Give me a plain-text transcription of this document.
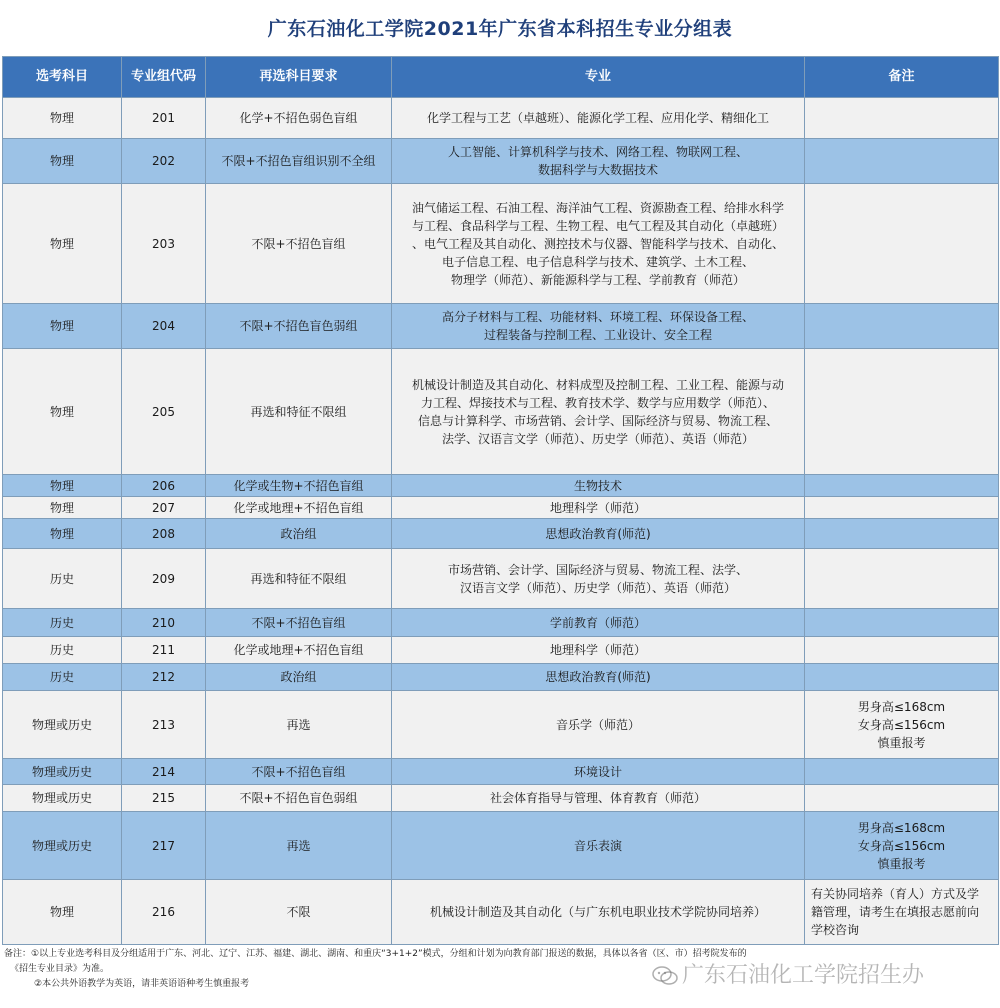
广东石油化工学院2021年广东省本科招生专业分组表
选考科目	专业组代码	再选科目要求	专业	备注
物理	201	化学+不招色弱色盲组	化学工程与工艺（卓越班）、能源化学工程、应用化学、精细化工	
物理	202	不限+不招色盲组识别不全组	人工智能、计算机科学与技术、网络工程、物联网工程、
数据科学与大数据技术	
物理	203	不限+不招色盲组	油气储运工程、石油工程、海洋油气工程、资源勘查工程、给排水科学
与工程、食品科学与工程、生物工程、电气工程及其自动化（卓越班）
、电气工程及其自动化、测控技术与仪器、智能科学与技术、自动化、
电子信息工程、电子信息科学与技术、建筑学、土木工程、
物理学（师范）、新能源科学与工程、学前教育（师范）	
物理	204	不限+不招色盲色弱组	高分子材料与工程、功能材料、环境工程、环保设备工程、
过程装备与控制工程、工业设计、安全工程	
物理	205	再选和特征不限组	机械设计制造及其自动化、材料成型及控制工程、工业工程、能源与动
力工程、焊接技术与工程、教育技术学、数学与应用数学（师范）、
信息与计算科学、市场营销、会计学、国际经济与贸易、物流工程、
法学、汉语言文学（师范）、历史学（师范）、英语（师范）	
物理	206	化学或生物+不招色盲组	生物技术	
物理	207	化学或地理+不招色盲组	地理科学（师范）	
物理	208	政治组	思想政治教育(师范)	
历史	209	再选和特征不限组	市场营销、会计学、国际经济与贸易、物流工程、法学、
汉语言文学（师范）、历史学（师范）、英语（师范）	
历史	210	不限+不招色盲组	学前教育（师范）	
历史	211	化学或地理+不招色盲组	地理科学（师范）	
历史	212	政治组	思想政治教育(师范)	
物理或历史	213	再选	音乐学（师范）	男身高≤168cm
女身高≤156cm
慎重报考
物理或历史	214	不限+不招色盲组	环境设计	
物理或历史	215	不限+不招色盲色弱组	社会体育指导与管理、体育教育（师范）	
物理或历史	217	再选	音乐表演	男身高≤168cm
女身高≤156cm
慎重报考
物理	216	不限	机械设计制造及其自动化（与广东机电职业技术学院协同培养）	有关协同培养（育人）方式及学
籍管理，请考生在填报志愿前向
学校咨询
备注：①以上专业选考科目及分组适用于广东、河北、辽宁、江苏、福建、湖北、湖南、和重庆“3+1+2”模式，分组和计划为向教育部门报送的数据，具体以各省（区、市）招考院发布的
《招生专业目录》为准。
②本公共外语教学为英语，请非英语语种考生慎重报考	广东石油化工学院招生办
